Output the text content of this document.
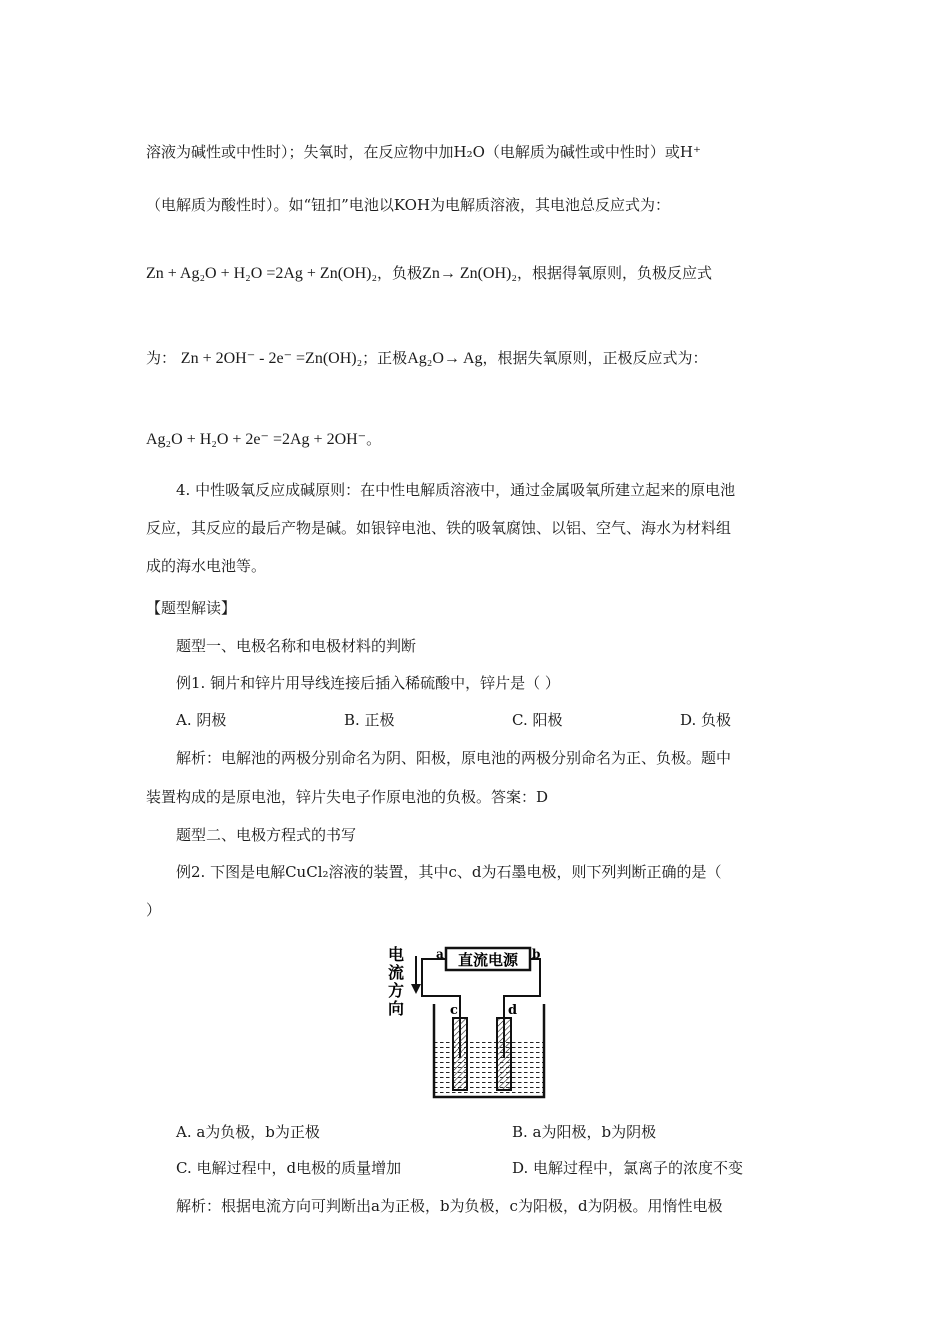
溶液为碱性或中性时）；失氧时，在反应物中加H₂O（电解质为碱性或中性时）或H⁺
（电解质为酸性时）。如“钮扣”电池以KOH为电解质溶液，其电池总反应式为：
Zn + Ag₂O + H₂O =2Ag + Zn(OH)₂，负极Zn→ Zn(OH)₂，根据得氧原则，负极反应式
为： Zn + 2OH⁻ - 2e⁻ =Zn(OH)₂；正极Ag₂O→ Ag，根据失氧原则，正极反应式为：
Ag₂O + H₂O + 2e⁻ =2Ag + 2OH⁻。
4. 中性吸氧反应成碱原则：在中性电解质溶液中，通过金属吸氧所建立起来的原电池
反应，其反应的最后产物是碱。如银锌电池、铁的吸氧腐蚀、以铝、空气、海水为材料组
成的海水电池等。
【题型解读】
题型一、电极名称和电极材料的判断
例1. 铜片和锌片用导线连接后插入稀硫酸中，锌片是（ ）
A. 阴极	B. 正极	C. 阳极	D. 负极
解析：电解池的两极分别命名为阴、阳极，原电池的两极分别命名为正、负极。题中
装置构成的是原电池，锌片失电子作原电池的负极。答案：D
题型二、电极方程式的书写
例2. 下图是电解CuCl₂溶液的装置，其中c、d为石墨电极，则下列判断正确的是（
）
电
流
方
向
直流电源
a	b
c	d
A. a为负极，b为正极	B. a为阳极，b为阴极
C. 电解过程中，d电极的质量增加	D. 电解过程中，氯离子的浓度不变
解析：根据电流方向可判断出a为正极，b为负极，c为阳极，d为阴极。用惰性电极
